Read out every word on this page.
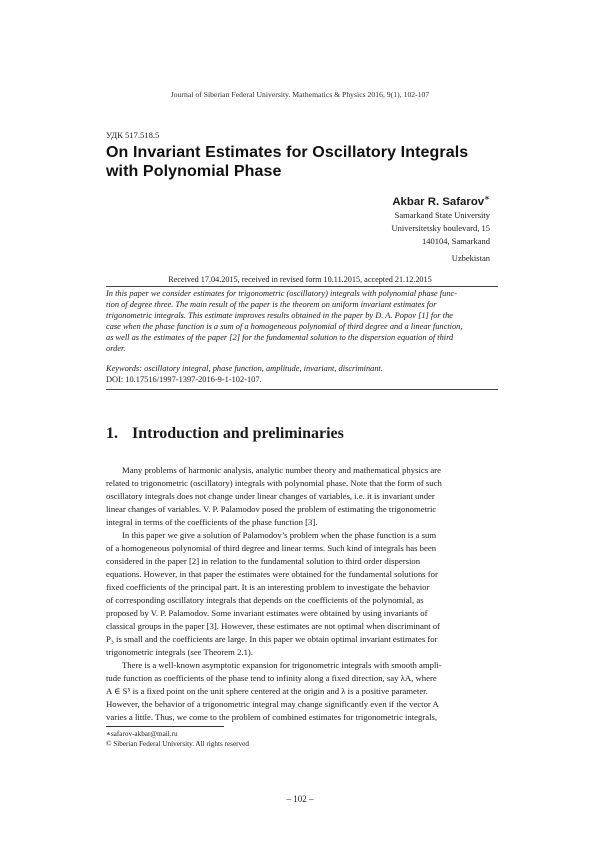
Journal of Siberian Federal University. Mathematics & Physics 2016, 9(1), 102-107

УДК 517.518.5

On Invariant Estimates for Oscillatory Integrals

with Polynomial Phase

Akbar R. Safarov∗

Samarkand State University

Universitetsky boulevard, 15

140104, Samarkand

Uzbekistan

Received 17.04.2015, received in revised form 10.11.2015, accepted 21.12.2015

In this paper we consider estimates for trigonometric (oscillatory) integrals with polynomial phase func-

tion of degree three. The main result of the paper is the theorem on uniform invariant estimates for

trigonometric integrals. This estimate improves results obtained in the paper by D. A. Popov [1] for the

case when the phase function is a sum of a homogeneous polynomial of third degree and a linear function,

as well as the estimates of the paper [2] for the fundamental solution to the dispersion equation of third

order.

Keywords: oscillatory integral, phase function, amplitude, invariant, discriminant.

DOI: 10.17516/1997-1397-2016-9-1-102-107.

1. Introduction and preliminaries

Many problems of harmonic analysis, analytic number theory and mathematical physics are

related to trigonometric (oscillatory) integrals with polynomial phase. Note that the form of such

oscillatory integrals does not change under linear changes of variables, i.e. it is invariant under

linear changes of variables. V. P. Palamodov posed the problem of estimating the trigonometric

integral in terms of the coefficients of the phase function [3].

In this paper we give a solution of Palamodov’s problem when the phase function is a sum

of a homogeneous polynomial of third degree and linear terms. Such kind of integrals has been

considered in the paper [2] in relation to the fundamental solution to third order dispersion

equations. However, in that paper the estimates were obtained for the fundamental solutions for

fixed coefficients of the principal part. It is an interesting problem to investigate the behavior

of corresponding oscillatory integrals that depends on the coefficients of the polynomial, as

proposed by V. P. Palamodov. Some invariant estimates were obtained by using invariants of

classical groups in the paper [3]. However, these estimates are not optimal when discriminant of

P₃ is small and the coefficients are large. In this paper we obtain optimal invariant estimates for

trigonometric integrals (see Theorem 2.1).

There is a well-known asymptotic expansion for trigonometric integrals with smooth ampli-

tude function as coefficients of the phase tend to infinity along a fixed direction, say λA, where

A ∈ S⁵ is a fixed point on the unit sphere centered at the origin and λ is a positive parameter.

However, the behavior of a trigonometric integral may change significantly even if the vector A

varies a little. Thus, we come to the problem of combined estimates for trigonometric integrals,

∗safarov-akbar@mail.ru

© Siberian Federal University. All rights reserved

– 102 –
